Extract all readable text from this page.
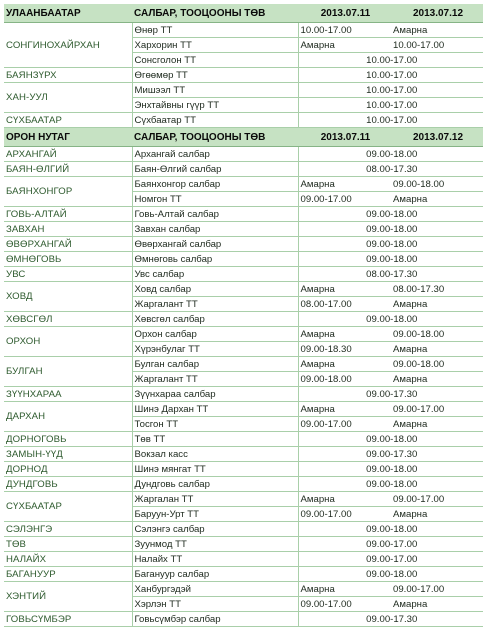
УЛААНБААТАР	САЛБАР, ТООЦООНЫ ТӨВ	2013.07.11	2013.07.12
СОНГИНОХАЙРХАН	Өнөр ТТ	10.00-17.00	Амарна
	Хархорин ТТ	Амарна	10.00-17.00
	Сонсголон ТТ	10.00-17.00	
БАЯНЗҮРХ	Өгөөмөр ТТ	10.00-17.00	
ХАН-УУЛ	Мишээл ТТ	10.00-17.00	
	Энхтайвны гүүр ТТ	10.00-17.00	
СҮХБААТАР	Сүхбаатар ТТ	10.00-17.00	
ОРОН НУТАГ	САЛБАР, ТООЦООНЫ ТӨВ	2013.07.11	2013.07.12
АРХАНГАЙ	Архангай салбар	09.00-18.00	
БАЯН-ӨЛГИЙ	Баян-Өлгий салбар	08.00-17.30	
БАЯНХОНГОР	Баянхонгор салбар	Амарна	09.00-18.00
	Номгон ТТ	09.00-17.00	Амарна
ГОВЬ-АЛТАЙ	Говь-Алтай салбар	09.00-18.00	
ЗАВХАН	Завхан салбар	09.00-18.00	
ӨВӨРХАНГАЙ	Өвөрхангай салбар	09.00-18.00	
ӨМНӨГОВЬ	Өмнөговь салбар	09.00-18.00	
УВС	Увс салбар	08.00-17.30	
ХОВД	Ховд салбар	Амарна	08.00-17.30
	Жаргалант ТТ	08.00-17.00	Амарна
ХӨВСГӨЛ	Хөвсгөл салбар	09.00-18.00	
ОРХОН	Орхон салбар	Амарна	09.00-18.00
	Хүрэнбулаг ТТ	09.00-18.30	Амарна
БУЛГАН	Булган салбар	Амарна	09.00-18.00
	Жаргалант ТТ	09.00-18.00	Амарна
ЗҮҮНХАРАА	Зүүнхараа салбар	09.00-17.30	
ДАРХАН	Шинэ Дархан ТТ	Амарна	09.00-17.00
	Тосгон ТТ	09.00-17.00	Амарна
ДОРНОГОВЬ	Төв ТТ	09.00-18.00	
ЗАМЫН-ҮҮД	Вокзал касс	09.00-17.30	
ДОРНОД	Шинэ мянгат ТТ	09.00-18.00	
ДУНДГОВЬ	Дундговь салбар	09.00-18.00	
СҮХБААТАР	Жаргалан ТТ	Амарна	09.00-17.00
	Баруун-Урт ТТ	09.00-17.00	Амарна
СЭЛЭНГЭ	Сэлэнгэ салбар	09.00-18.00	
ТӨВ	Зуунмод ТТ	09.00-17.00	
НАЛАЙХ	Налайх ТТ	09.00-17.00	
БАГАНУУР	Багануур салбар	09.00-18.00	
ХЭНТИЙ	Ханбургэдэй	Амарна	09.00-17.00
	Хэрлэн ТТ	09.00-17.00	Амарна
ГОВЬСҮМБЭР	Говьсүмбэр салбар	09.00-17.30	
